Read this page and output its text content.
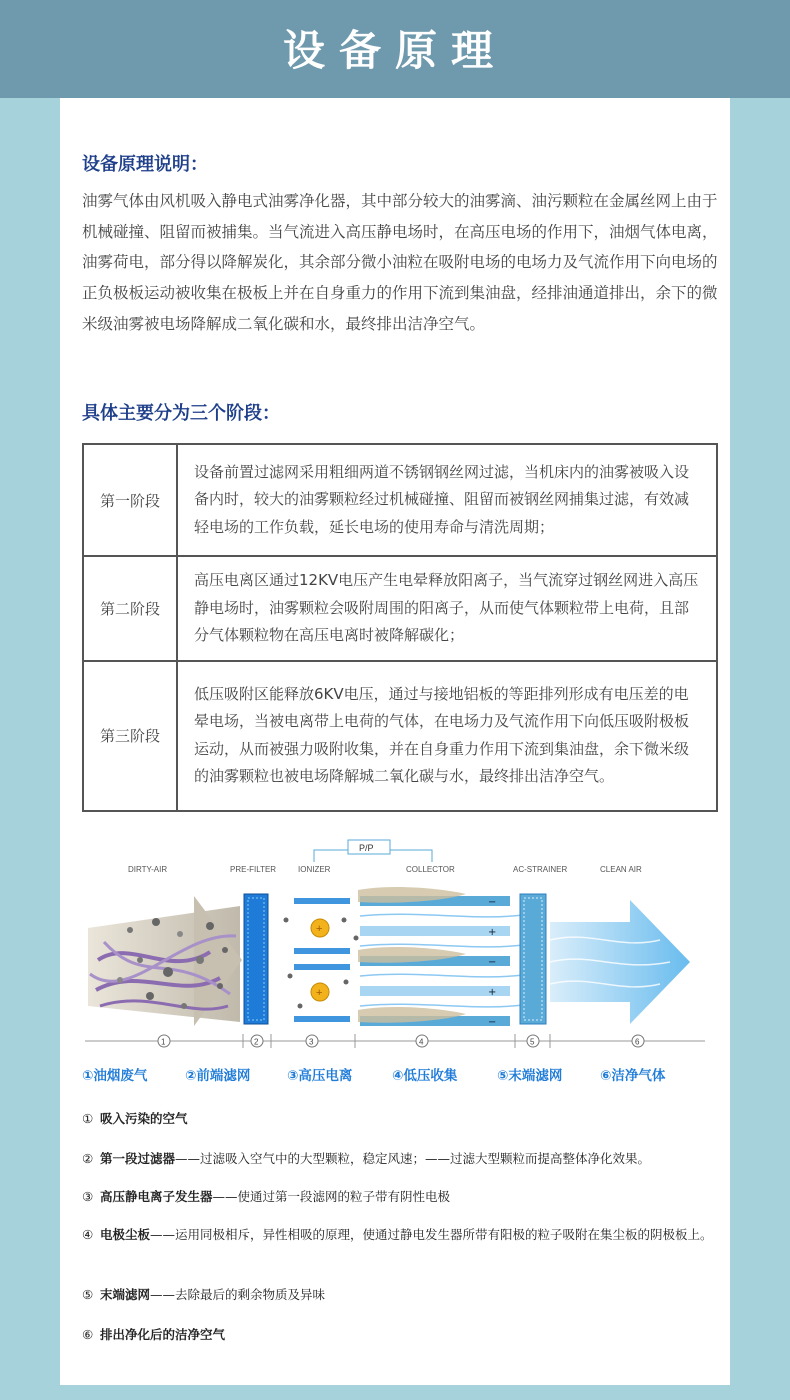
设备原理
设备原理说明：
油雾气体由风机吸入静电式油雾净化器，其中部分较大的油雾滴、油污颗粒在金属丝网上由于机械碰撞、阻留而被捕集。当气流进入高压静电场时，在高压电场的作用下，油烟气体电离，油雾荷电，部分得以降解炭化，其余部分微小油粒在吸附电场的电场力及气流作用下向电场的正负极板运动被收集在极板上并在自身重力的作用下流到集油盘，经排油通道排出，余下的微米级油雾被电场降解成二氧化碳和水，最终排出洁净空气。
具体主要分为三个阶段：
第一阶段	设备前置过滤网采用粗细两道不锈钢钢丝网过滤，当机床内的油雾被吸入设备内时，较大的油雾颗粒经过机械碰撞、阻留而被钢丝网捕集过滤，有效减轻电场的工作负载，延长电场的使用寿命与清洗周期；
第二阶段	高压电离区通过12KV电压产生电晕释放阳离子，当气流穿过钢丝网进入高压静电场时，油雾颗粒会吸附周围的阳离子，从而使气体颗粒带上电荷，且部分气体颗粒物在高压电离时被降解碳化；
第三阶段	低压吸附区能释放6KV电压，通过与接地铝板的等距排列形成有电压差的电晕电场，当被电离带上电荷的气体，在电场力及气流作用下向低压吸附极板运动，从而被强力吸附收集，并在自身重力作用下流到集油盘，余下微米级的油雾颗粒也被电场降解城二氧化碳与水，最终排出洁净空气。
DIRTY-AIR	PRE-FILTER	IONIZER	COLLECTOR	AC-STRAINER	CLEAN AIR
P/P
+
+
−
+
−
+
−
1	2	3	4	5	6
①油烟废气	②前端滤网	③高压电离	④低压收集	⑤末端滤网	⑥洁净气体
① 吸入污染的空气
② 第一段过滤器——过滤吸入空气中的大型颗粒，稳定风速；——过滤大型颗粒而提高整体净化效果。
③ 高压静电离子发生器——使通过第一段滤网的粒子带有阴性电极
④ 电极尘板——运用同极相斥，异性相吸的原理，使通过静电发生器所带有阳极的粒子吸附在集尘板的阴极板上。
⑤ 末端滤网——去除最后的剩余物质及异味
⑥ 排出净化后的洁净空气
